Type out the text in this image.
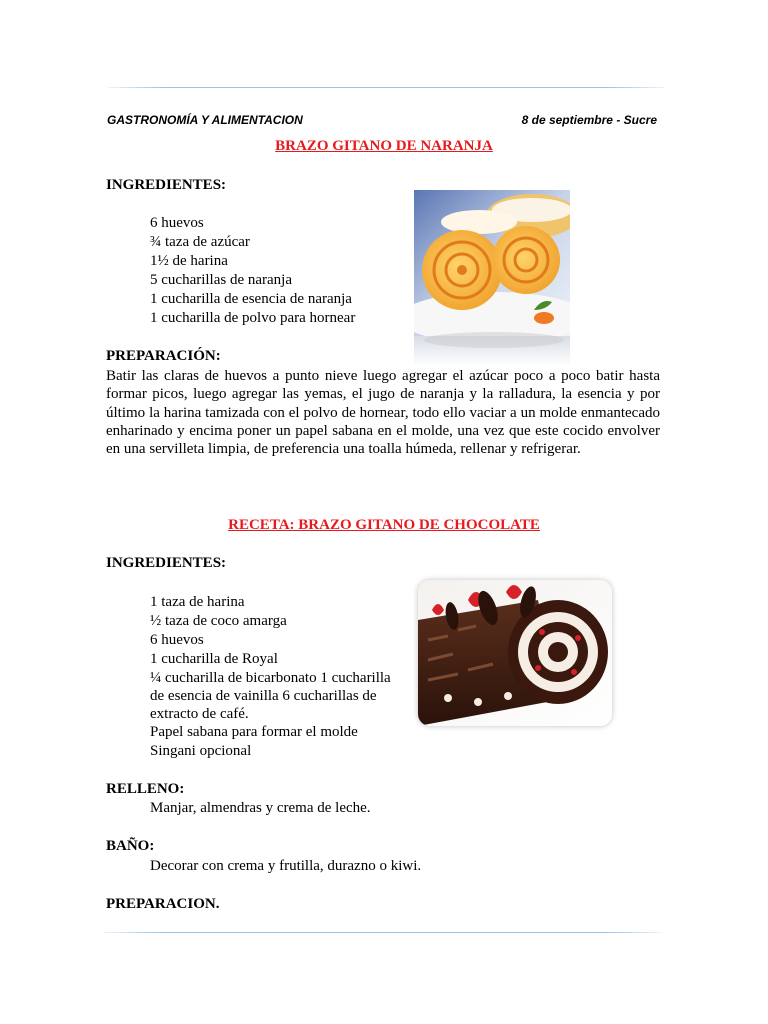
GASTRONOMÍA Y ALIMENTACION	8 de septiembre - Sucre
BRAZO GITANO DE NARANJA
INGREDIENTES:
6 huevos
¾ taza de azúcar
1½ de harina
5 cucharillas de naranja
1 cucharilla de esencia de naranja
1 cucharilla de polvo para hornear
PREPARACIÓN:

Batir las claras de huevos a punto nieve luego agregar el azúcar poco a poco batir hasta formar picos, luego agregar las yemas, el jugo de naranja y la ralladura, la esencia y por último la harina tamizada con el polvo de hornear, todo ello vaciar a un molde enmantecado enharinado y encima poner un papel sabana en el molde, una vez que este cocido envolver en una servilleta limpia, de preferencia una toalla húmeda, rellenar y refrigerar.

RECETA: BRAZO GITANO DE CHOCOLATE
INGREDIENTES:
1 taza de harina
½ taza de coco amarga
6 huevos
1 cucharilla de Royal
¼ cucharilla de bicarbonato 1 cucharilla
de esencia de vainilla 6 cucharillas de
extracto de café.
Papel sabana para formar el molde
Singani opcional
RELLENO:
Manjar, almendras y crema de leche.
BAÑO:
Decorar con crema y frutilla, durazno o kiwi.
PREPARACION.
